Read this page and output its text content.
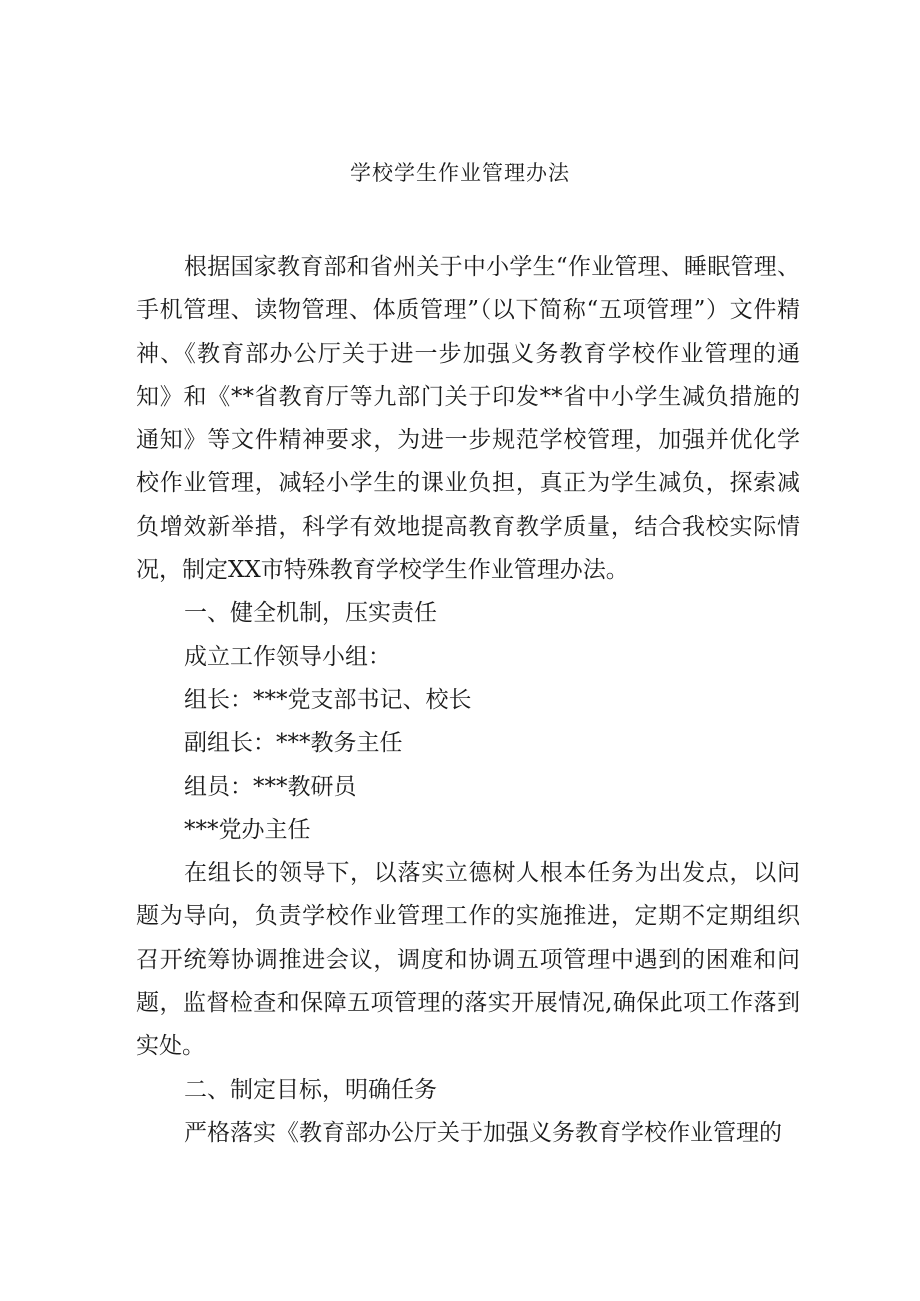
学校学生作业管理办法

根据国家教育部和省州关于中小学生“作业管理、睡眠管理、手机管理、读物管理、体质管理”（以下简称“五项管理”）文件精神、《教育部办公厅关于进一步加强义务教育学校作业管理的通知》和《**省教育厅等九部门关于印发**省中小学生减负措施的通知》等文件精神要求，为进一步规范学校管理，加强并优化学校作业管理，减轻小学生的课业负担，真正为学生减负，探索减负增效新举措，科学有效地提高教育教学质量，结合我校实际情况，制定XX市特殊教育学校学生作业管理办法。

一、健全机制，压实责任

成立工作领导小组：

组长：***党支部书记、校长

副组长：***教务主任

组员：***教研员

***党办主任

在组长的领导下，以落实立德树人根本任务为出发点，以问题为导向，负责学校作业管理工作的实施推进，定期不定期组织召开统筹协调推进会议，调度和协调五项管理中遇到的困难和问题，监督检查和保障五项管理的落实开展情况,确保此项工作落到实处。

二、制定目标，明确任务

严格落实《教育部办公厅关于加强义务教育学校作业管理的
